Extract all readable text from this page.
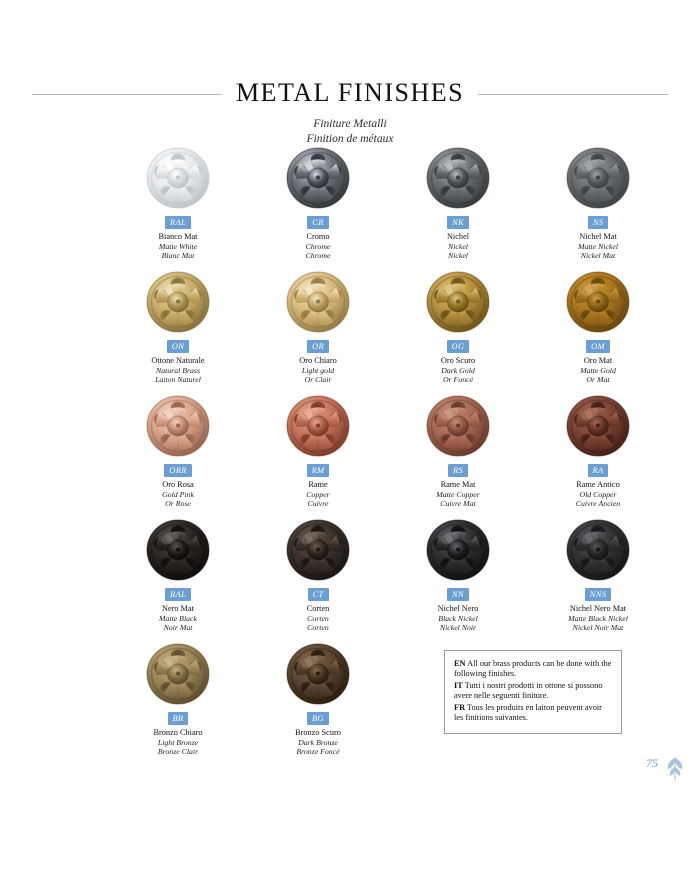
METAL FINISHES

Finiture Metalli

Finition de métaux

RAL
Bianco Mat
Matte White
Blanc Mat
CR
Cromo
Chrome
Chrome
NK
Nichel
Nickel
Nickel
NS
Nichel Mat
Matte Nickel
Nickel Mat
ON
Ottone Naturale
Natural Brass
Laiton Naturel
OR
Oro Chiaro
Light gold
Or Clair
OG
Oro Scuro
Dark Gold
Or Foncé
OM
Oro Mat
Matte Gold
Or Mat
ORR
Oro Rosa
Gold Pink
Or Rose
RM
Rame
Copper
Cuivre
RS
Rame Mat
Matte Copper
Cuivre Mat
RA
Rame Antico
Old Copper
Cuivre Ancien
RAL
Nero Mat
Matte Black
Noir Mat
CT
Corten
Corten
Corten
NN
Nichel Nero
Black Nickel
Nickel Noir
NNS
Nichel Nero Mat
Matte Black Nickel
Nickel Noir Mat
BR
Bronzo Chiaro
Light Bronze
Bronze Clair
BG
Bronzo Scuro
Dark Bronze
Bronze Foncé

EN All our brass products can be done with the following finishes.

IT Tutti i nostri prodotti in ottone si possono avere nelle seguenti finiture.

FR Tous les produits en laiton peuvent avoir les finitions suivantes.

75
